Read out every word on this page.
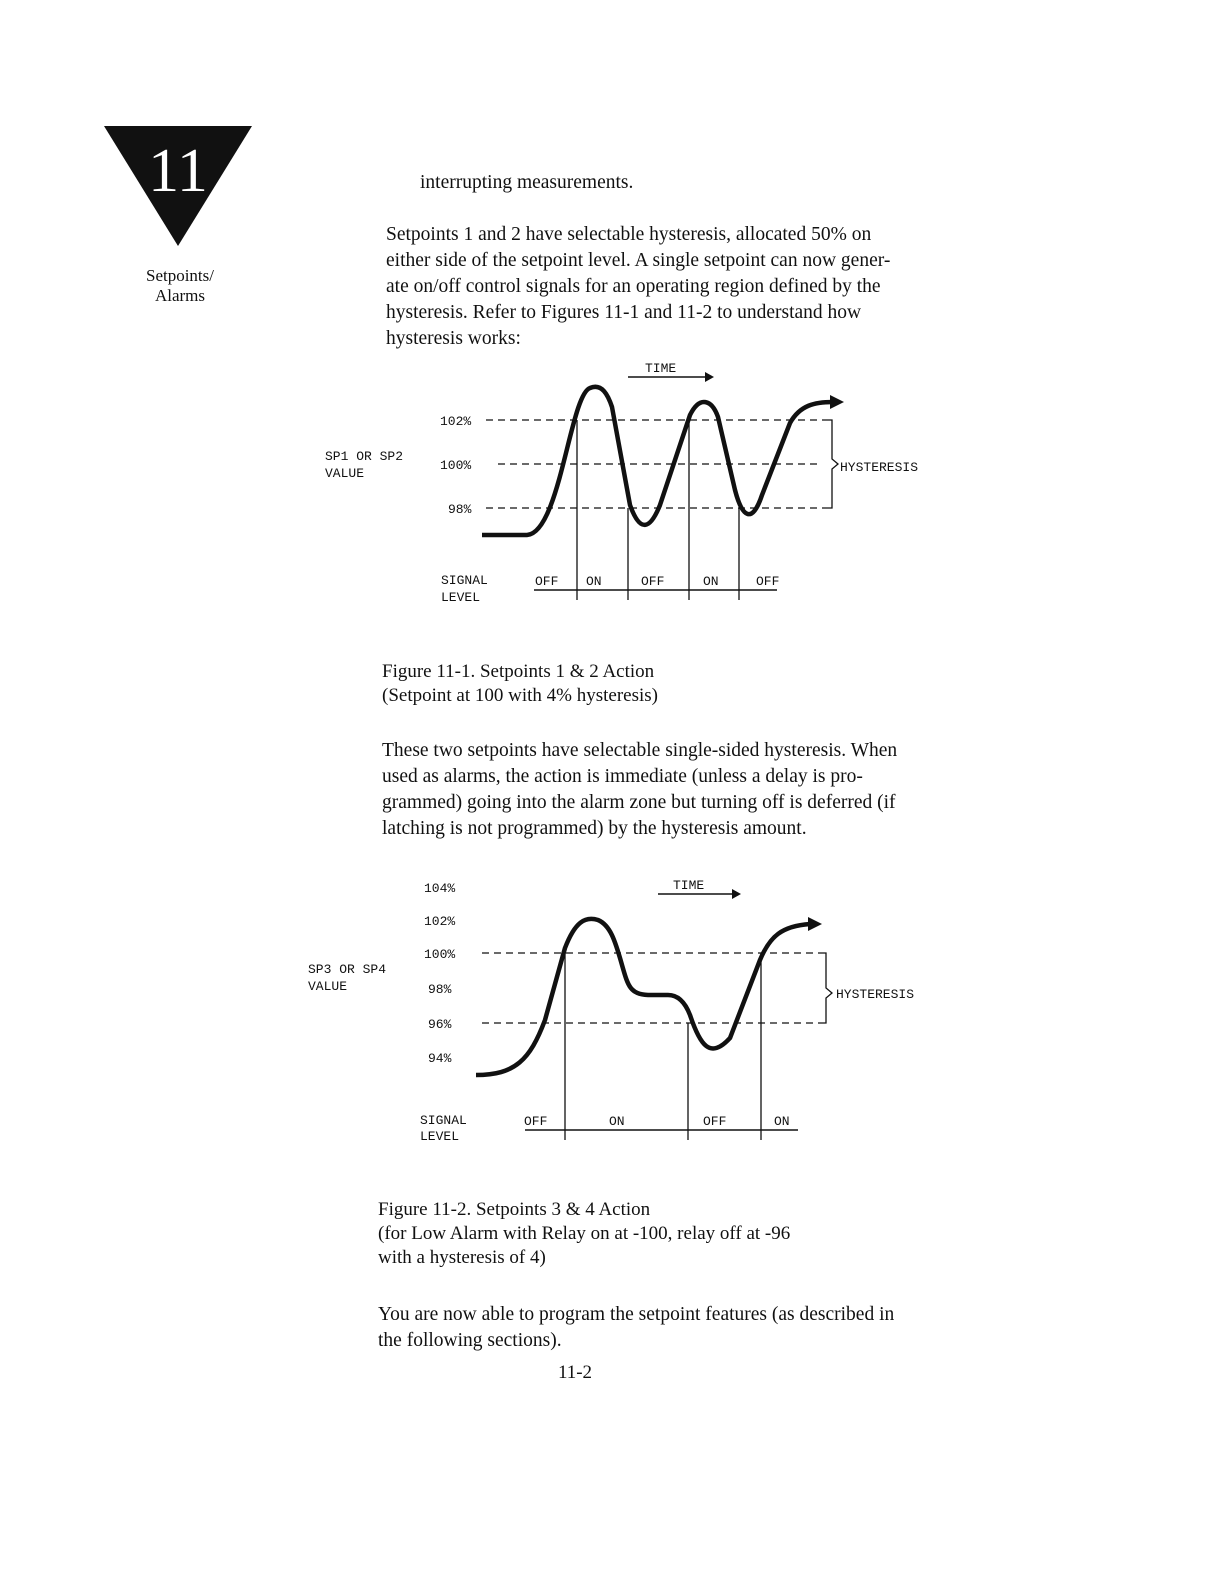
11
Setpoints/
Alarms

interrupting measurements.

Setpoints 1 and 2 have selectable hysteresis, allocated 50% on
either side of the setpoint level. A single setpoint can now gener-
ate on/off control signals for an operating region defined by the
hysteresis. Refer to Figures 11-1 and 11-2 to understand how
hysteresis works:

TIME
SP1 OR SP2
VALUE
102%
100%
98%
HYSTERESIS
SIGNAL
LEVEL
OFF ON	OFF	ON	OFF

Figure 11-1. Setpoints 1 & 2 Action
(Setpoint at 100 with 4% hysteresis)

These two setpoints have selectable single-sided hysteresis. When
used as alarms, the action is immediate (unless a delay is pro-
grammed) going into the alarm zone but turning off is deferred (if
latching is not programmed) by the hysteresis amount.

TIME
SP3 OR SP4
VALUE
104%
102%
100%
98%
96%
94%
HYSTERESIS
SIGNAL
LEVEL
OFF	ON	OFF	ON

Figure 11-2. Setpoints 3 & 4 Action
(for Low Alarm with Relay on at -100, relay off at -96
with a hysteresis of 4)

You are now able to program the setpoint features (as described in
the following sections).

11-2
